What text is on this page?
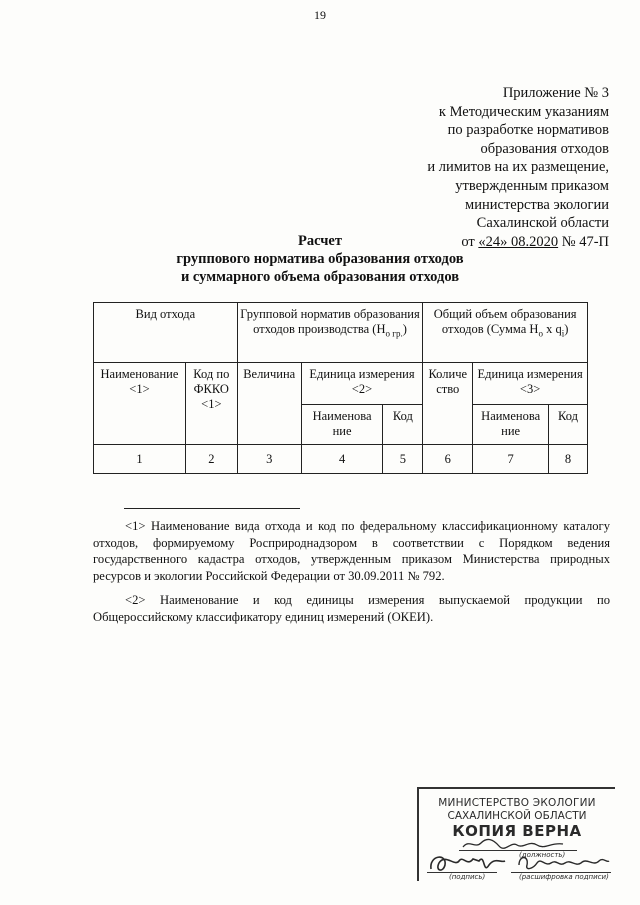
19
Приложение № 3
к Методическим указаниям
по разработке нормативов
образования отходов
и лимитов на их размещение,
утвержденным приказом
министерства экологии
Сахалинской области
от «24» 08.2020 № 47-П
Расчет
группового норматива образования отходов
и суммарного объема образования отходов
Вид отхода		Групповой норматив образования отходов производства $(Н_{о гр.})$			Общий объем образования отходов (Сумма $Н_о$ х $q_i$)		
Наименование <1>	Код по ФККО <1>	Величина	Единица измерения <2>		Количе ство	Единица измерения <3>	
			Наименова ние	Код		Наименова ние	Код
1	2	3	4	5	6	7	8

<1> Наименование вида отхода и код по федеральному классификационному каталогу отходов, формируемому Росприроднадзором в соответствии с Порядком ведения государственного кадастра отходов, утвержденным приказом Министерства природных ресурсов и экологии Российской Федерации от 30.09.2011 № 792.

<2> Наименование и код единицы измерения выпускаемой продукции по Общероссийскому классификатору единиц измерений (ОКЕИ).

МИНИСТЕРСТВО ЭКОЛОГИИ
САХАЛИНСКОЙ ОБЛАСТИ
КОПИЯ ВЕРНА
(должность)
(подпись)	(расшифровка подписи)
